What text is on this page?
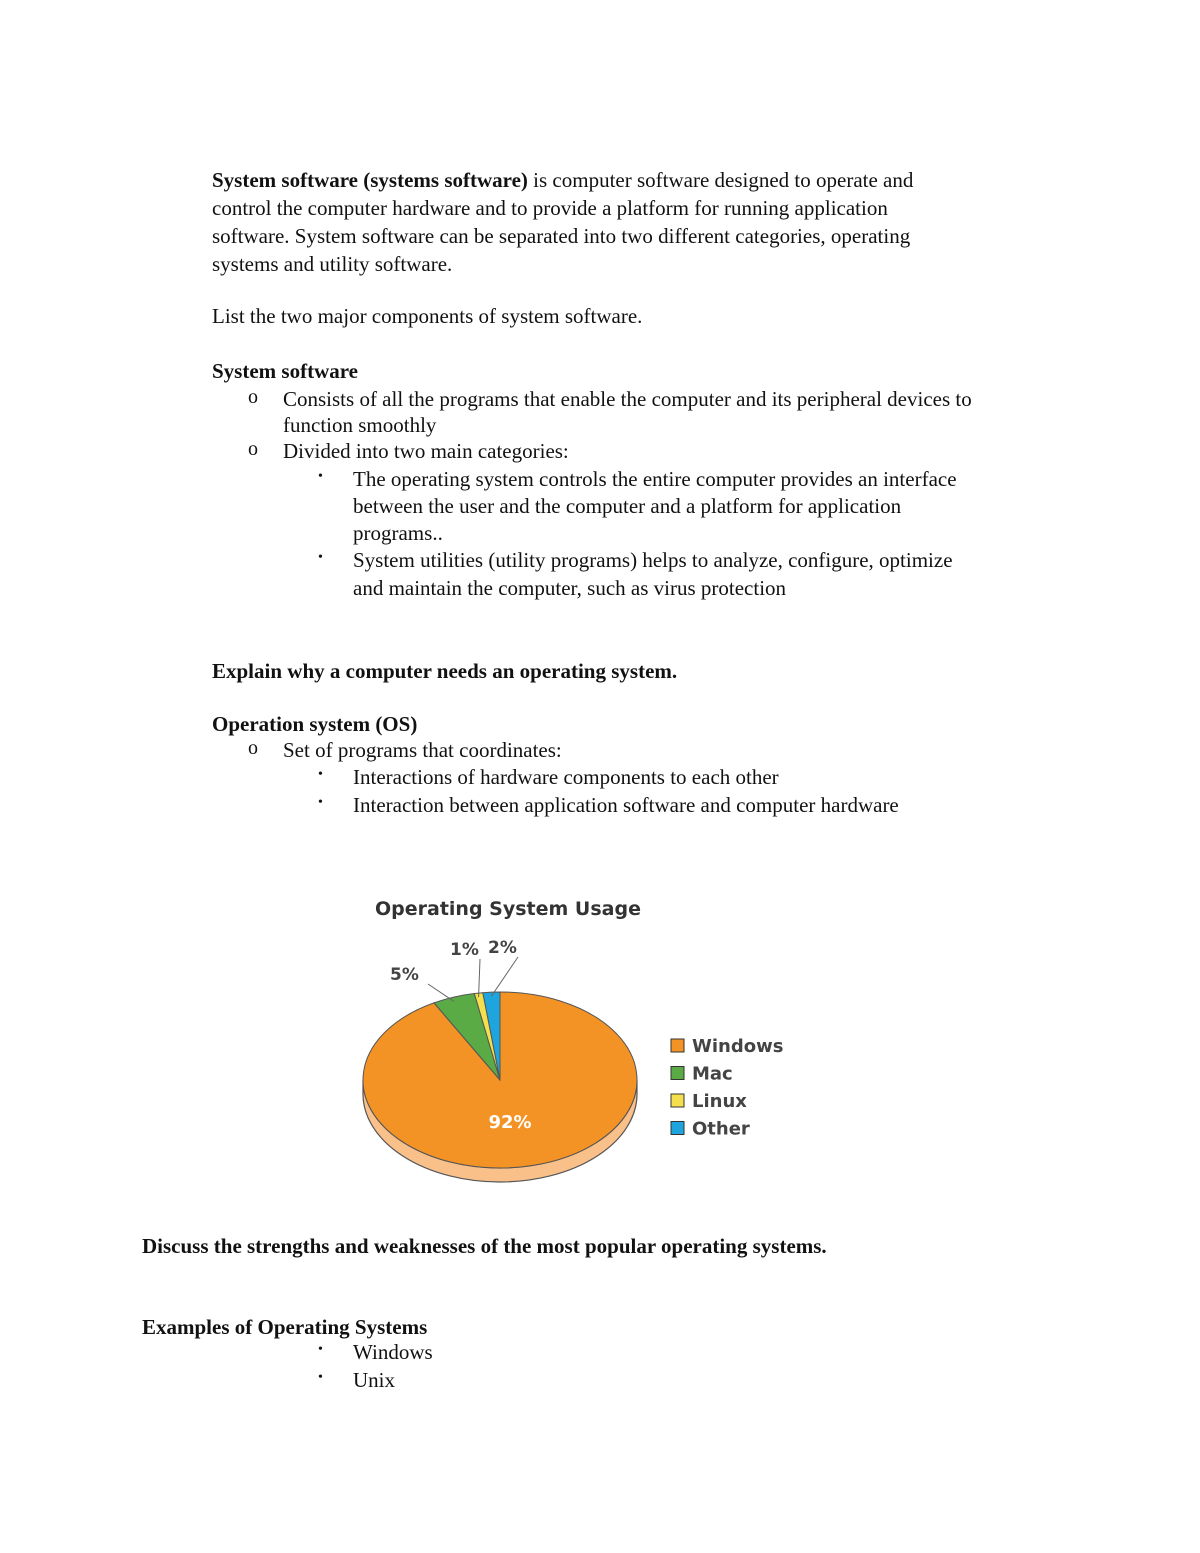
System software (systems software) is computer software designed to operate and

control the computer hardware and to provide a platform for running application

software. System software can be separated into two different categories, operating

systems and utility software.

List the two major components of system software.

System software

o Consists of all the programs that enable the computer and its peripheral devices to

function smoothly

o Divided into two main categories:

• The operating system controls the entire computer provides an interface

between the user and the computer and a platform for application

programs..

• System utilities (utility programs) helps to analyze, configure, optimize

and maintain the computer, such as virus protection

Explain why a computer needs an operating system.

Operation system (OS)

o Set of programs that coordinates:

• Interactions of hardware components to each other

• Interaction between application software and computer hardware

Operating System Usage
92%
5%
1% 2%
Windows
Mac
Linux
Other

Discuss the strengths and weaknesses of the most popular operating systems.

Examples of Operating Systems

• Windows

• Unix
